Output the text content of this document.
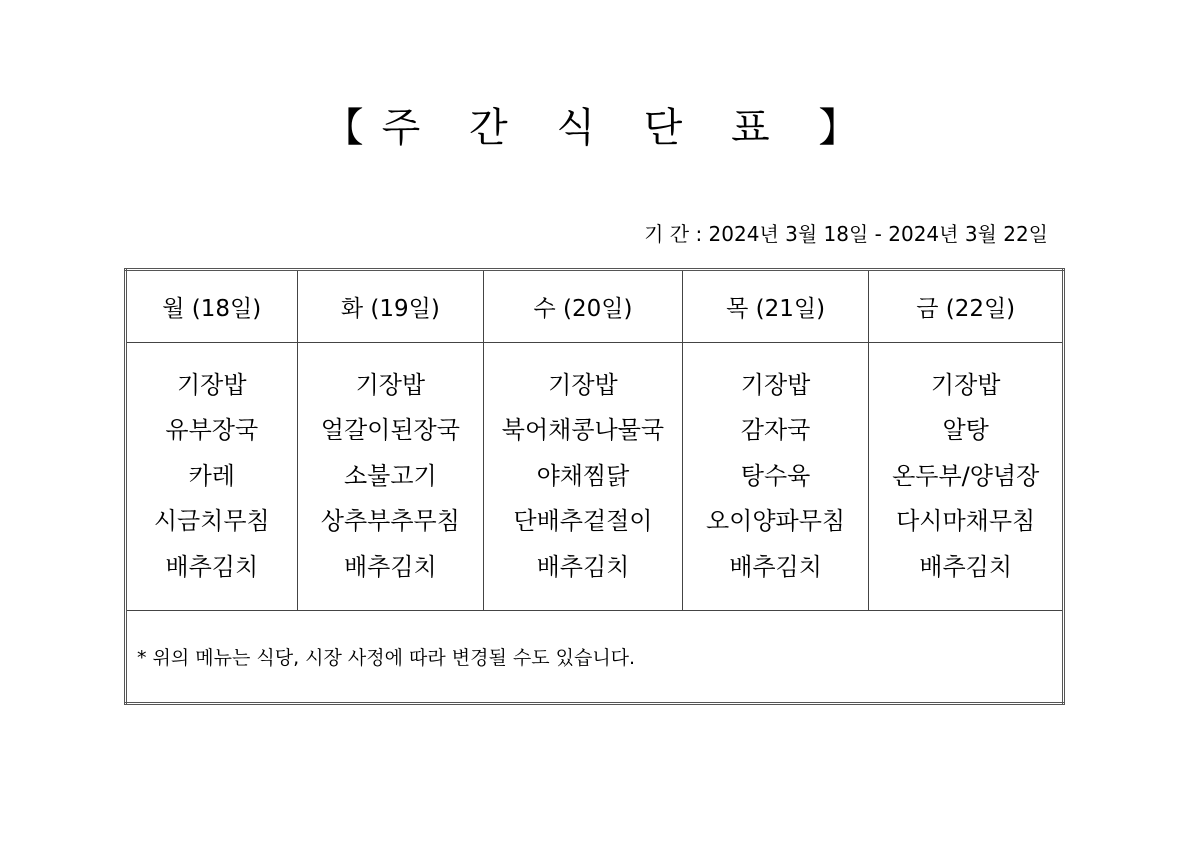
【주 간 식 단 표 】
기 간 : 2024년 3월 18일 - 2024년 3월 22일
월 (18일)	화 (19일)	수 (20일)	목 (21일)	금 (22일)

기장밥
유부장국
카레
시금치무침
배추김치	기장밥
얼갈이된장국
소불고기
상추부추무침
배추김치	기장밥
북어채콩나물국
야채찜닭
단배추겉절이
배추김치	기장밥
감자국
탕수육
오이양파무침
배추김치	기장밥
알탕
온두부/양념장
다시마채무침
배추김치

* 위의 메뉴는 식당, 시장 사정에 따라 변경될 수도 있습니다.				
